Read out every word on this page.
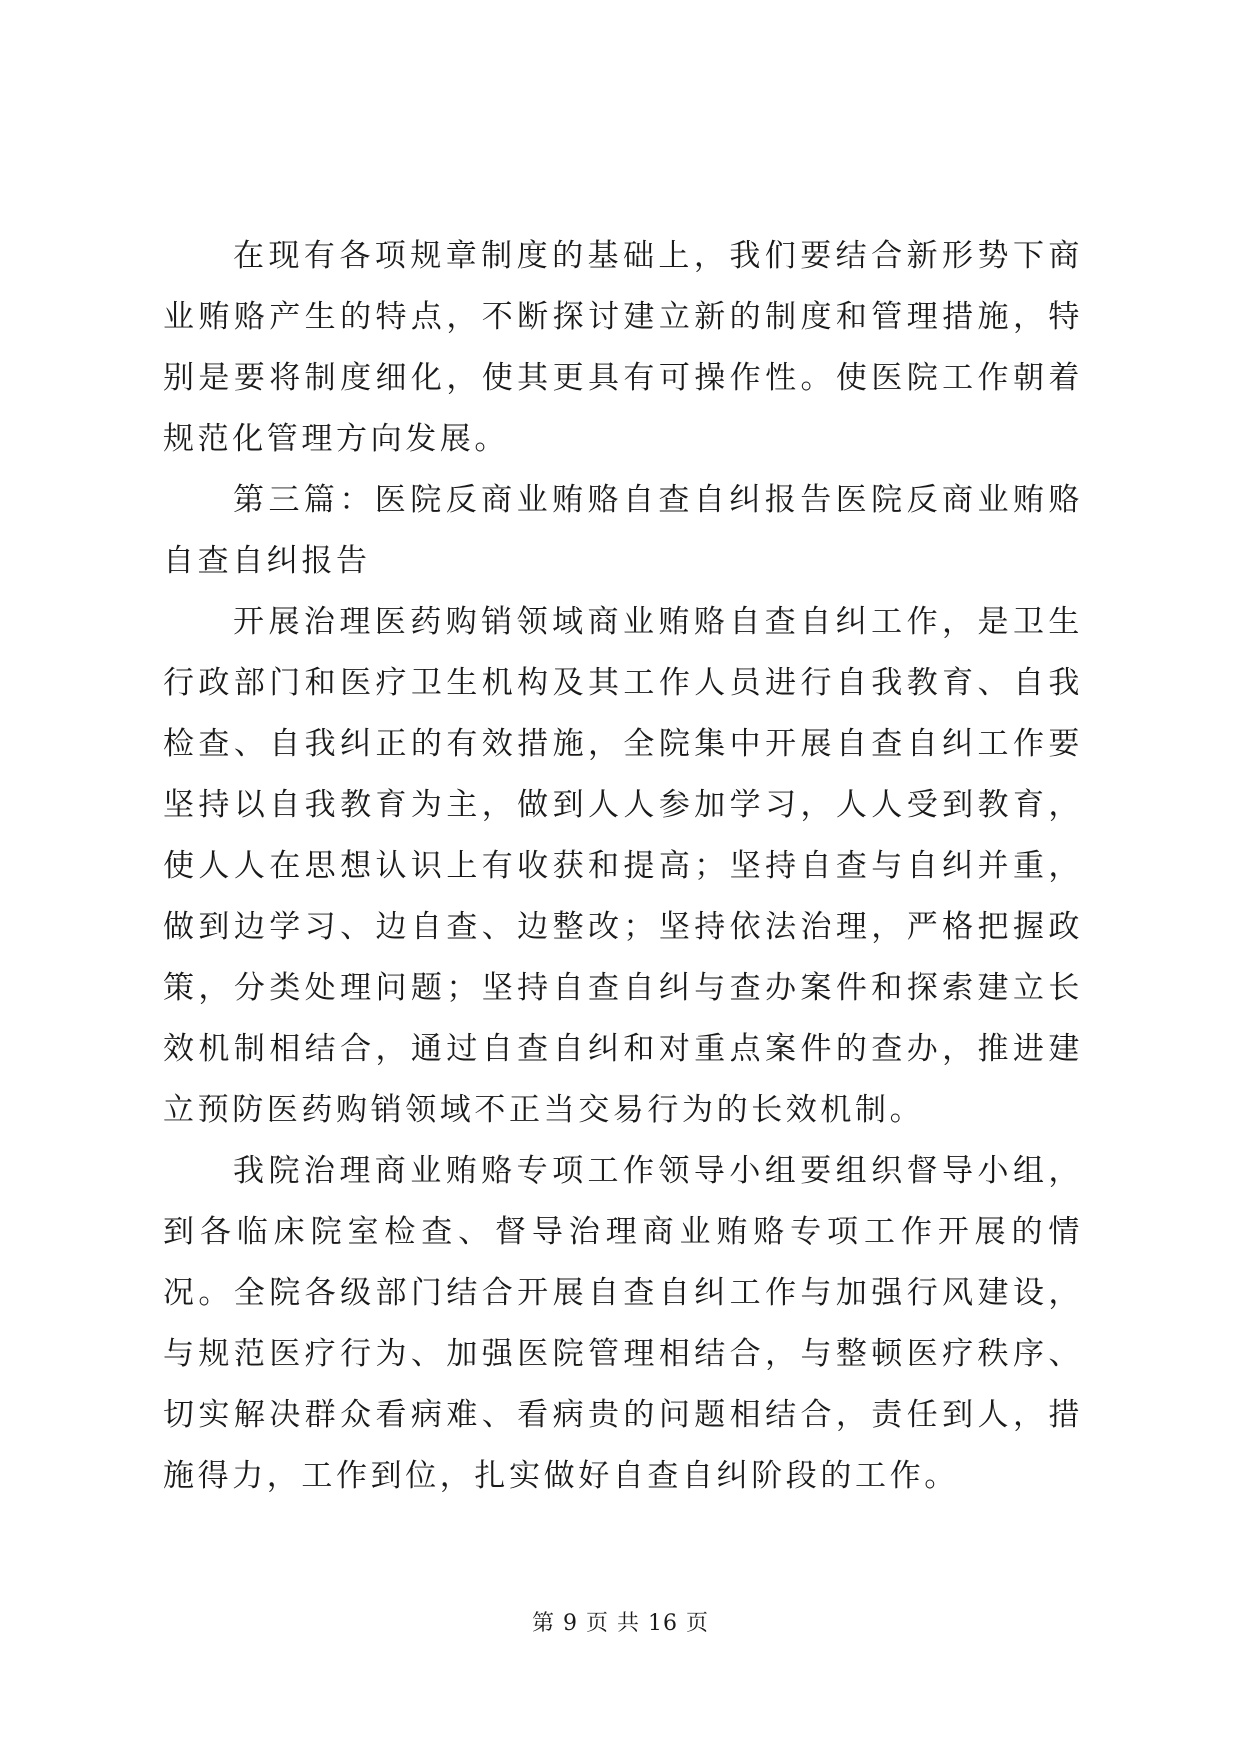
在现有各项规章制度的基础上，我们要结合新形势下商业贿赂产生的特点，不断探讨建立新的制度和管理措施，特别是要将制度细化，使其更具有可操作性。使医院工作朝着规范化管理方向发展。

第三篇：医院反商业贿赂自查自纠报告医院反商业贿赂自查自纠报告

开展治理医药购销领域商业贿赂自查自纠工作，是卫生行政部门和医疗卫生机构及其工作人员进行自我教育、自我检查、自我纠正的有效措施，全院集中开展自查自纠工作要坚持以自我教育为主，做到人人参加学习，人人受到教育，使人人在思想认识上有收获和提高；坚持自查与自纠并重，做到边学习、边自查、边整改；坚持依法治理，严格把握政策，分类处理问题；坚持自查自纠与查办案件和探索建立长效机制相结合，通过自查自纠和对重点案件的查办，推进建立预防医药购销领域不正当交易行为的长效机制。

我院治理商业贿赂专项工作领导小组要组织督导小组，到各临床院室检查、督导治理商业贿赂专项工作开展的情况。全院各级部门结合开展自查自纠工作与加强行风建设，与规范医疗行为、加强医院管理相结合，与整顿医疗秩序、切实解决群众看病难、看病贵的问题相结合，责任到人，措施得力，工作到位，扎实做好自查自纠阶段的工作。

第 9 页 共 16 页
